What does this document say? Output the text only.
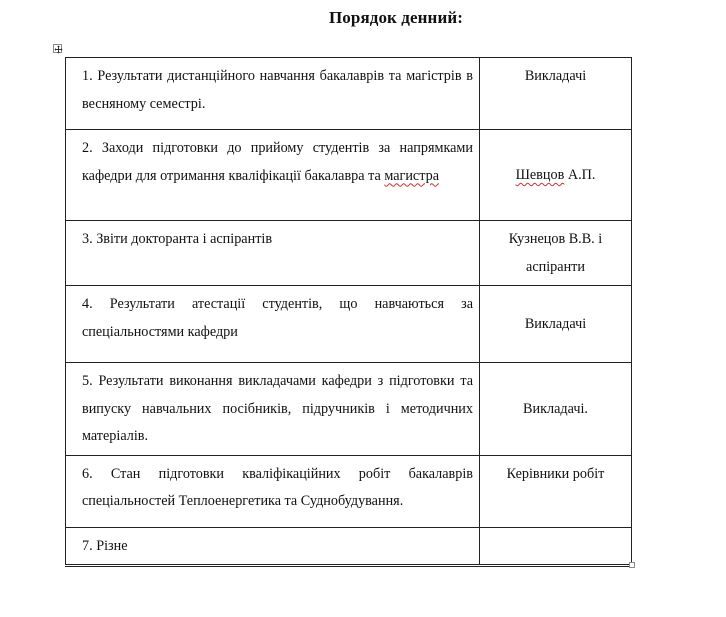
Порядок денний:
1. Результати дистанційного навчання бакалаврів та магістрів в весняному семестрі.	Викладачі
2. Заходи підготовки до прийому студентів за напрямками кафедри для отримання кваліфікації бакалавра та магистра	Шевцов А.П.
3. Звіти докторанта і аспірантів	Кузнецов В.В. і аспіранти
4. Результати атестації студентів, що навчаються за спеціальностями кафедри	Викладачі
5. Результати виконання викладачами кафедри з підготовки та випуску навчальних посібників, підручників і методичних матеріалів.	Викладачі.
6. Стан підготовки кваліфікаційних робіт бакалаврів спеціальностей Теплоенергетика та Суднобудування.	Керівники робіт
7. Різне	
